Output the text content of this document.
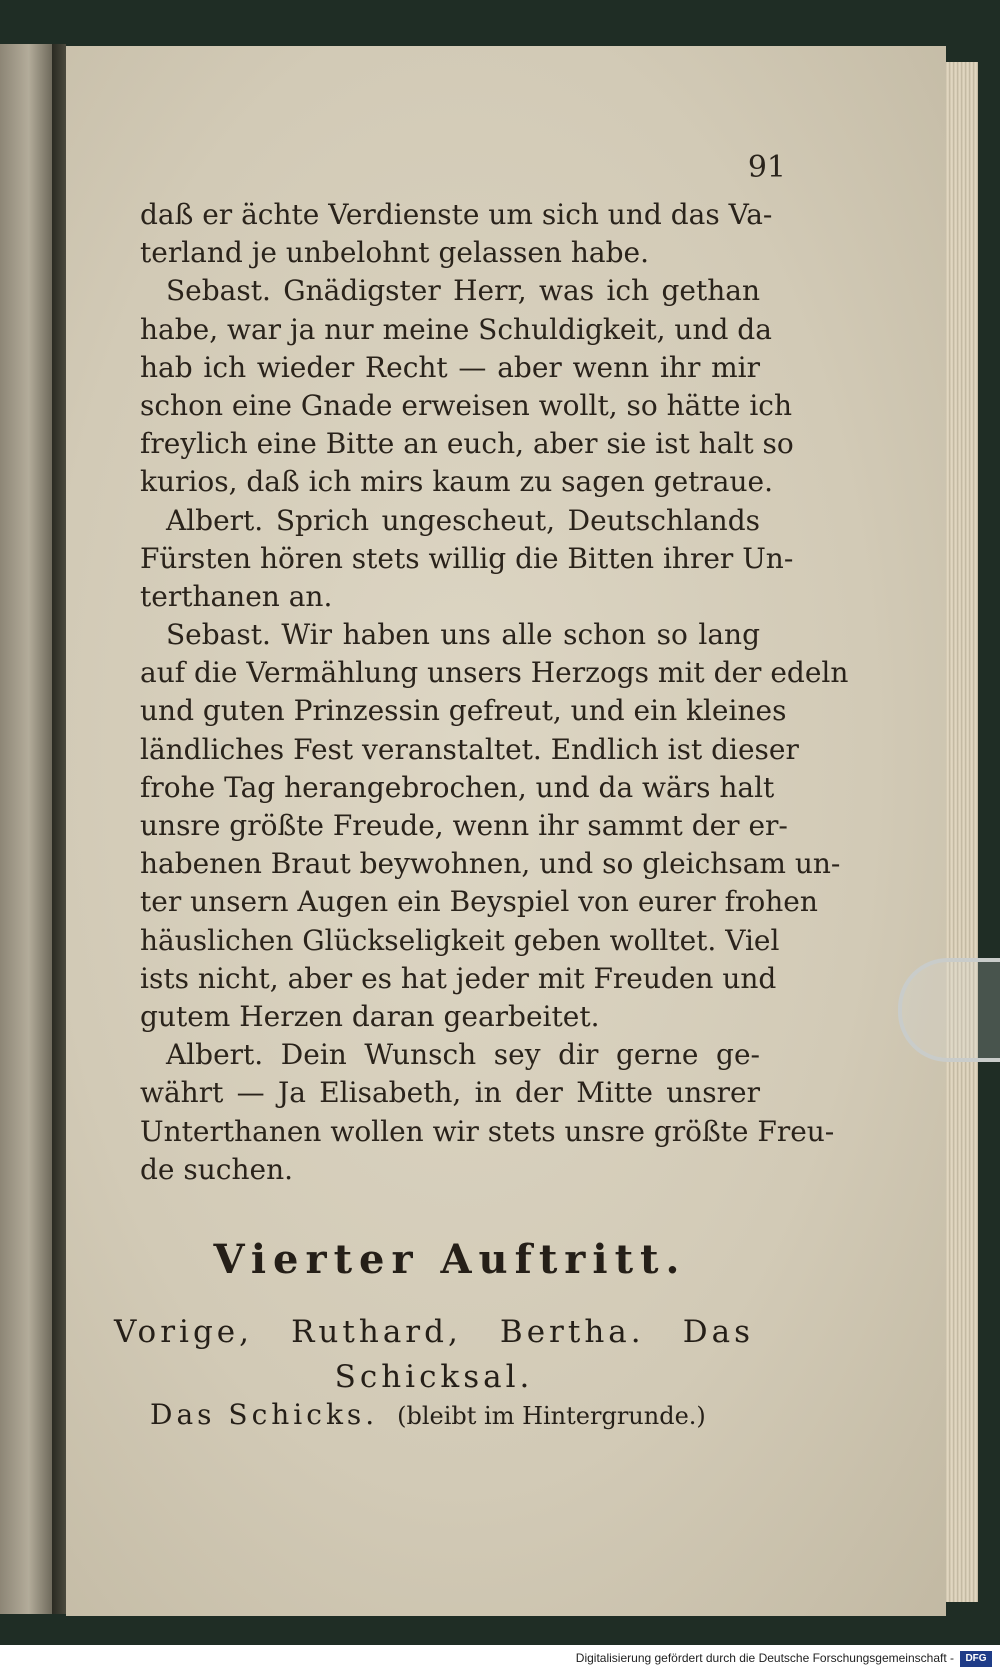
91

daß er ächte Verdienste um sich und das Va-
terland je unbelohnt gelassen habe.
Sebast. Gnädigster Herr, was ich gethan
habe, war ja nur meine Schuldigkeit, und da
hab ich wieder Recht — aber wenn ihr mir
schon eine Gnade erweisen wollt, so hätte ich
freylich eine Bitte an euch, aber sie ist halt so
kurios, daß ich mirs kaum zu sagen getraue.
Albert. Sprich ungescheut, Deutschlands
Fürsten hören stets willig die Bitten ihrer Un-
terthanen an.
Sebast. Wir haben uns alle schon so lang
auf die Vermählung unsers Herzogs mit der edeln
und guten Prinzessin gefreut, und ein kleines
ländliches Fest veranstaltet. Endlich ist dieser
frohe Tag herangebrochen, und da wärs halt
unsre größte Freude, wenn ihr sammt der er-
habenen Braut beywohnen, und so gleichsam un-
ter unsern Augen ein Beyspiel von eurer frohen
häuslichen Glückseligkeit geben wolltet. Viel
ists nicht, aber es hat jeder mit Freuden und
gutem Herzen daran gearbeitet.
Albert. Dein Wunsch sey dir gerne ge-
währt — Ja Elisabeth, in der Mitte unsrer
Unterthanen wollen wir stets unsre größte Freu-
de suchen.
Vierter Auftritt.
Vorige, Ruthard, Bertha. Das
Schicksal.
Das Schicks. (bleibt im Hintergrunde.)
Digitalisierung gefördert durch die Deutsche Forschungsgemeinschaft -	DFG
